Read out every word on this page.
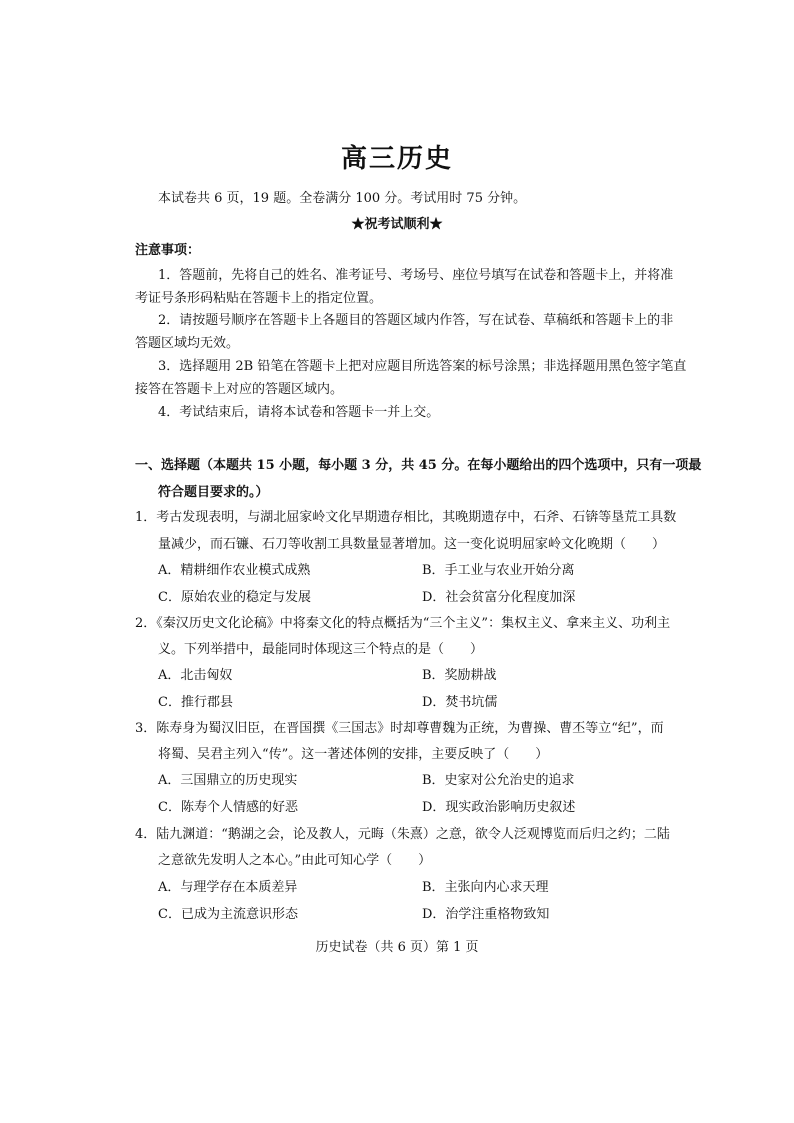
高三历史
本试卷共 6 页，19 题。全卷满分 100 分。考试用时 75 分钟。
★祝考试顺利★
注意事项：
1．答题前，先将自己的姓名、准考证号、考场号、座位号填写在试卷和答题卡上，并将准
考证号条形码粘贴在答题卡上的指定位置。
2．请按题号顺序在答题卡上各题目的答题区域内作答，写在试卷、草稿纸和答题卡上的非
答题区域均无效。
3．选择题用 2B 铅笔在答题卡上把对应题目所选答案的标号涂黑；非选择题用黑色签字笔直
接答在答题卡上对应的答题区域内。
4．考试结束后，请将本试卷和答题卡一并上交。
一、选择题（本题共 15 小题，每小题 3 分，共 45 分。在每小题给出的四个选项中，只有一项最
符合题目要求的。）
1．考古发现表明，与湖北屈家岭文化早期遗存相比，其晚期遗存中，石斧、石锛等垦荒工具数
量减少，而石镰、石刀等收割工具数量显著增加。这一变化说明屈家岭文化晚期（　　）
A．精耕细作农业模式成熟	B．手工业与农业开始分离
C．原始农业的稳定与发展	D．社会贫富分化程度加深
2．《秦汉历史文化论稿》中将秦文化的特点概括为“三个主义”：集权主义、拿来主义、功利主
义。下列举措中，最能同时体现这三个特点的是（　　）
A．北击匈奴	B．奖励耕战
C．推行郡县	D．焚书坑儒
3．陈寿身为蜀汉旧臣，在晋国撰《三国志》时却尊曹魏为正统，为曹操、曹丕等立“纪”，而
将蜀、吴君主列入“传”。这一著述体例的安排，主要反映了（　　）
A．三国鼎立的历史现实	B．史家对公允治史的追求
C．陈寿个人情感的好恶	D．现实政治影响历史叙述
4．陆九渊道：“鹅湖之会，论及教人，元晦（朱熹）之意，欲令人泛观博览而后归之约；二陆
之意欲先发明人之本心。”由此可知心学（　　）
A．与理学存在本质差异	B．主张向内心求天理
C．已成为主流意识形态	D．治学注重格物致知
历史试卷（共 6 页）第 1 页
